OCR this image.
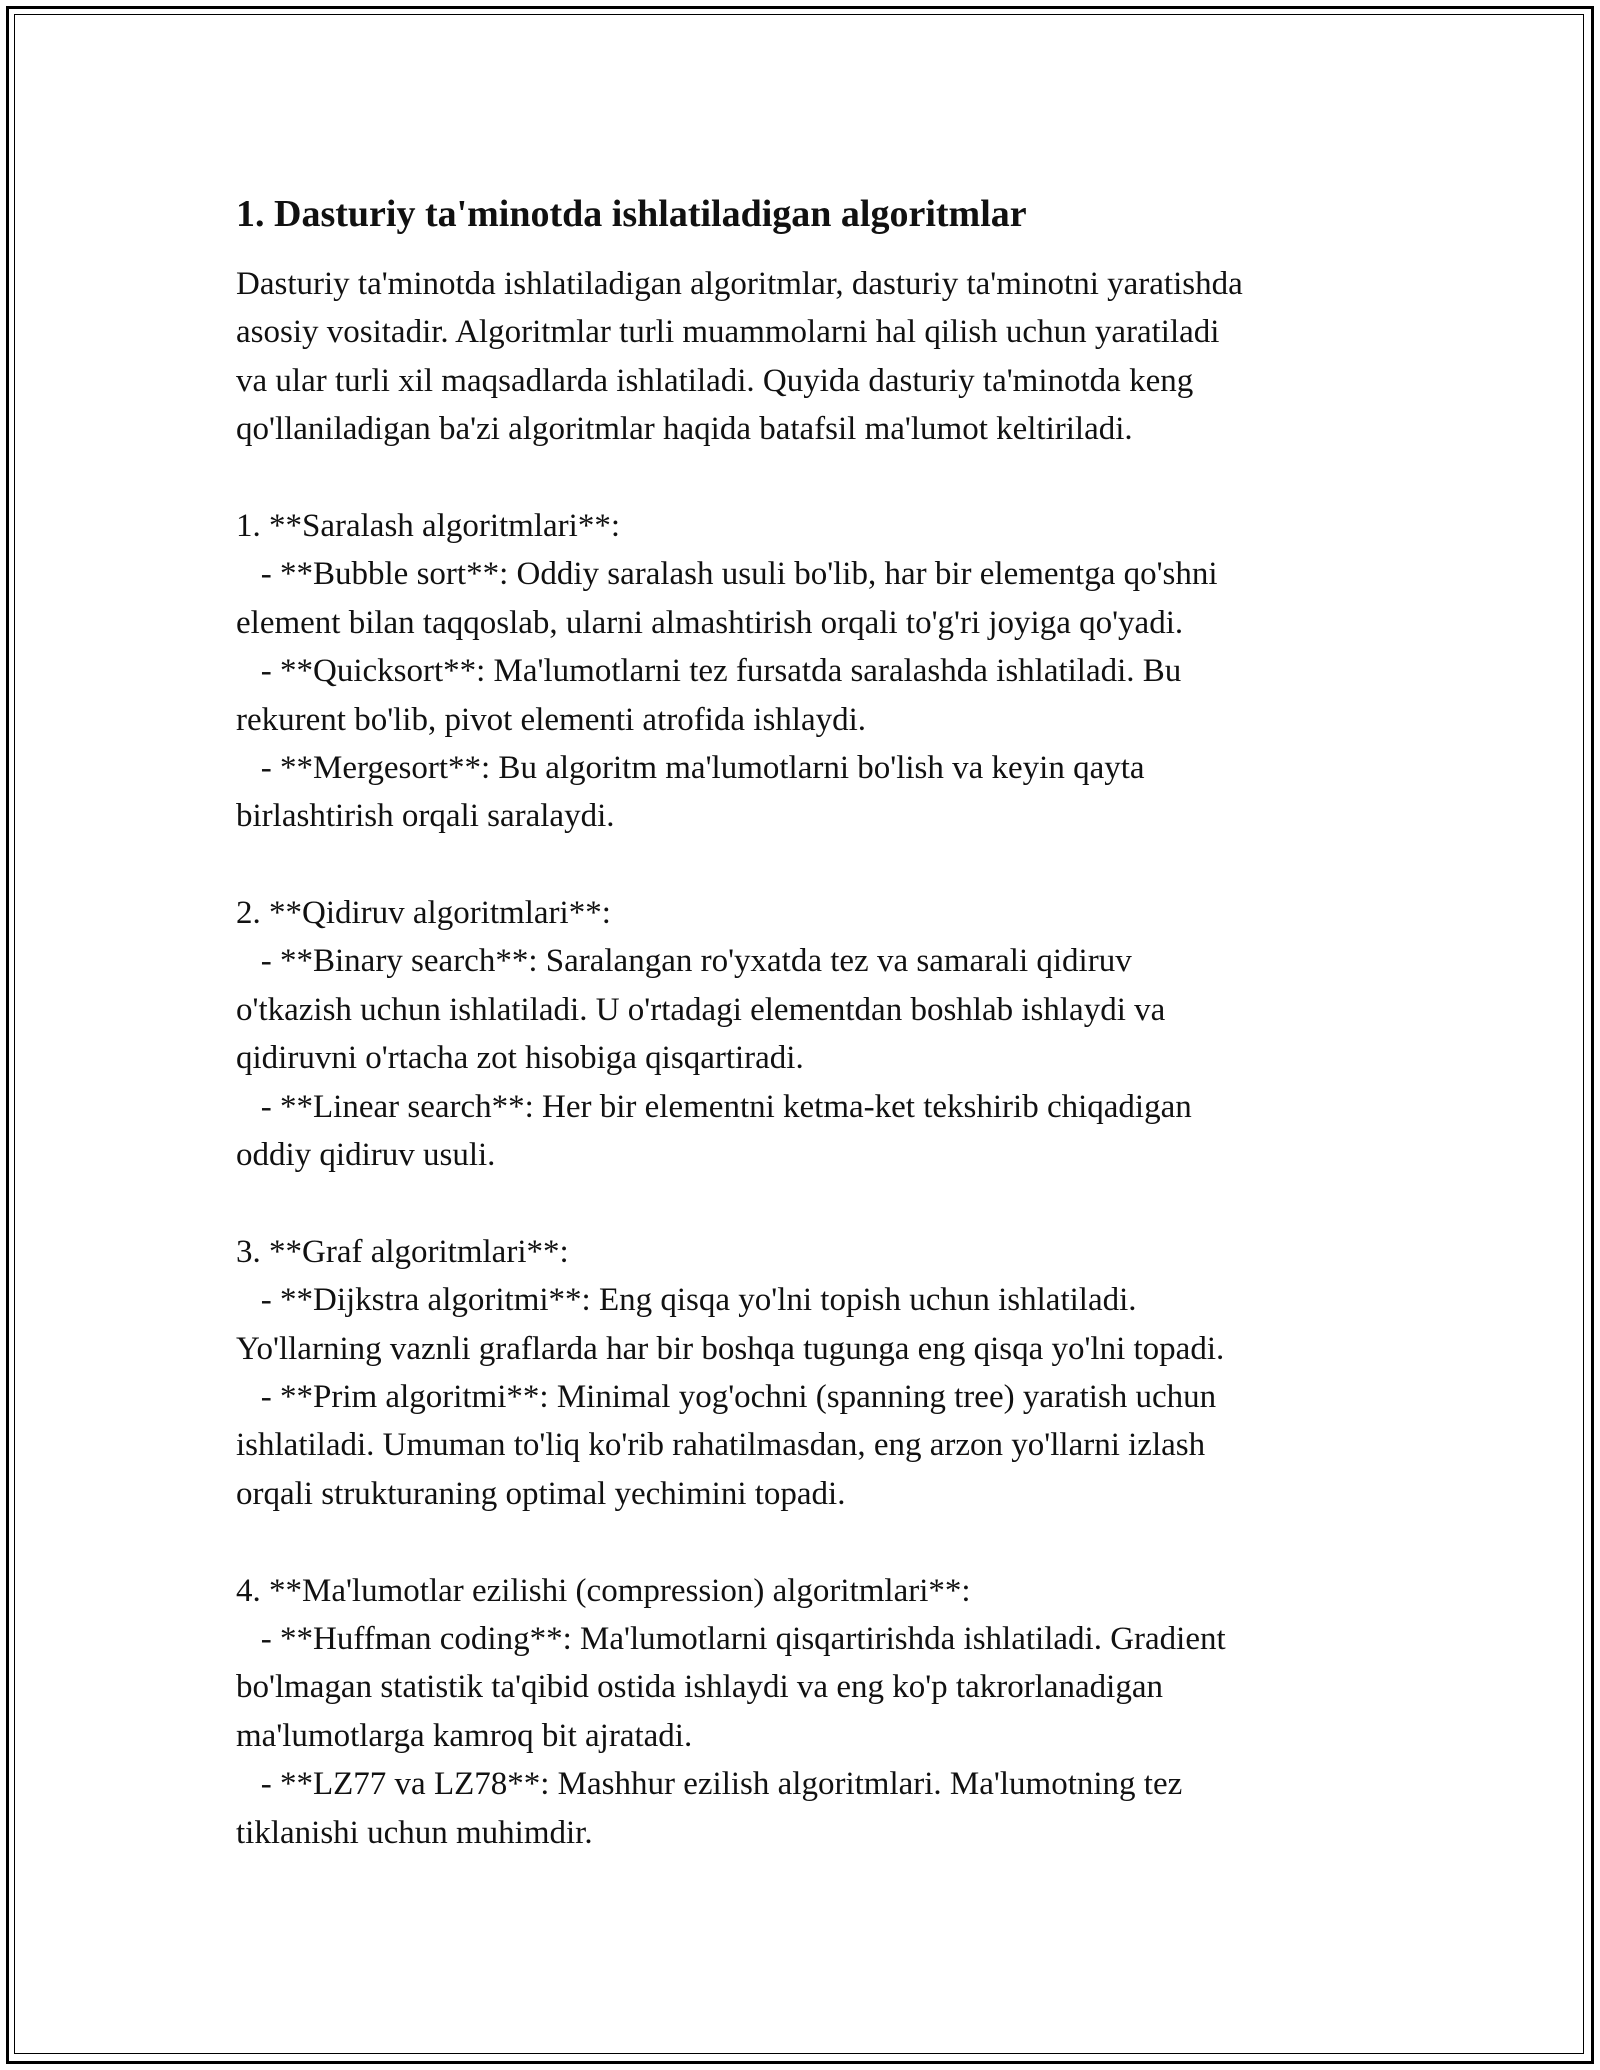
1. Dasturiy ta'minotda ishlatiladigan algoritmlar
Dasturiy ta'minotda ishlatiladigan algoritmlar, dasturiy ta'minotni yaratishda
asosiy vositadir. Algoritmlar turli muammolarni hal qilish uchun yaratiladi
va ular turli xil maqsadlarda ishlatiladi. Quyida dasturiy ta'minotda keng
qo'llaniladigan ba'zi algoritmlar haqida batafsil ma'lumot keltiriladi.
1. **Saralash algoritmlari**:
- **Bubble sort**: Oddiy saralash usuli bo'lib, har bir elementga qo'shni
element bilan taqqoslab, ularni almashtirish orqali to'g'ri joyiga qo'yadi.
- **Quicksort**: Ma'lumotlarni tez fursatda saralashda ishlatiladi. Bu
rekurent bo'lib, pivot elementi atrofida ishlaydi.
- **Mergesort**: Bu algoritm ma'lumotlarni bo'lish va keyin qayta
birlashtirish orqali saralaydi.
2. **Qidiruv algoritmlari**:
- **Binary search**: Saralangan ro'yxatda tez va samarali qidiruv
o'tkazish uchun ishlatiladi. U o'rtadagi elementdan boshlab ishlaydi va
qidiruvni o'rtacha zot hisobiga qisqartiradi.
- **Linear search**: Her bir elementni ketma-ket tekshirib chiqadigan
oddiy qidiruv usuli.
3. **Graf algoritmlari**:
- **Dijkstra algoritmi**: Eng qisqa yo'lni topish uchun ishlatiladi.
Yo'llarning vaznli graflarda har bir boshqa tugunga eng qisqa yo'lni topadi.
- **Prim algoritmi**: Minimal yog'ochni (spanning tree) yaratish uchun
ishlatiladi. Umuman to'liq ko'rib rahatilmasdan, eng arzon yo'llarni izlash
orqali strukturaning optimal yechimini topadi.
4. **Ma'lumotlar ezilishi (compression) algoritmlari**:
- **Huffman coding**: Ma'lumotlarni qisqartirishda ishlatiladi. Gradient
bo'lmagan statistik ta'qibid ostida ishlaydi va eng ko'p takrorlanadigan
ma'lumotlarga kamroq bit ajratadi.
- **LZ77 va LZ78**: Mashhur ezilish algoritmlari. Ma'lumotning tez
tiklanishi uchun muhimdir.
